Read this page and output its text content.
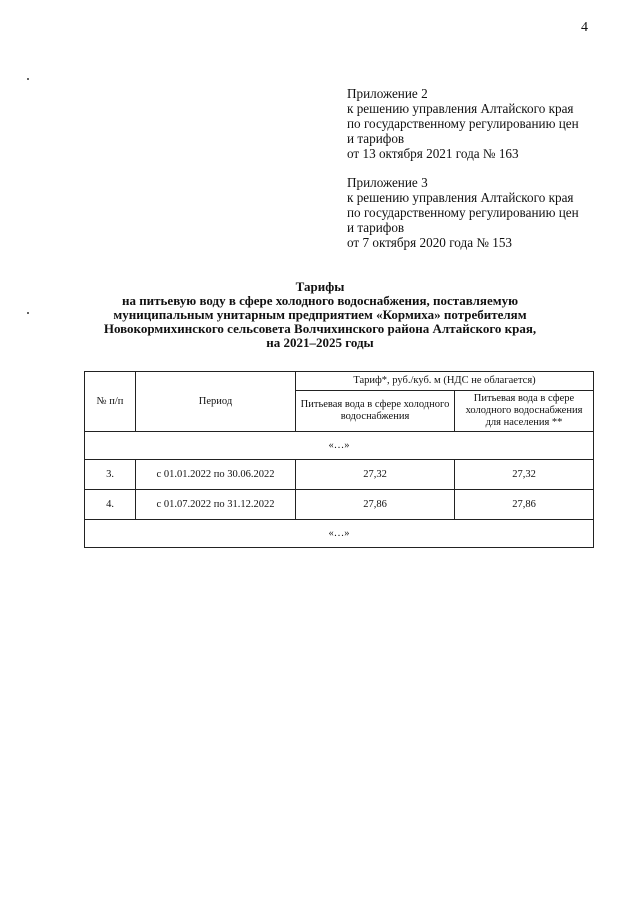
4
Приложение 2
к решению управления Алтайского края
по государственному регулированию цен
и тарифов
от 13 октября 2021 года № 163
Приложение 3
к решению управления Алтайского края
по государственному регулированию цен
и тарифов
от 7 октября 2020 года № 153
Тарифы
на питьевую воду в сфере холодного водоснабжения, поставляемую
муниципальным унитарным предприятием «Кормиха» потребителям
Новокормихинского сельсовета Волчихинского района Алтайского края,
на 2021–2025 годы
№ п/п	Период	Тариф*, руб./куб. м (НДС не облагается)	
		Питьевая вода в сфере холодного водоснабжения	Питьевая вода в сфере холодного водоснабжения для населения **
«…»			
3.	с 01.01.2022 по 30.06.2022	27,32	27,32
4.	с 01.07.2022 по 31.12.2022	27,86	27,86
«…»			
